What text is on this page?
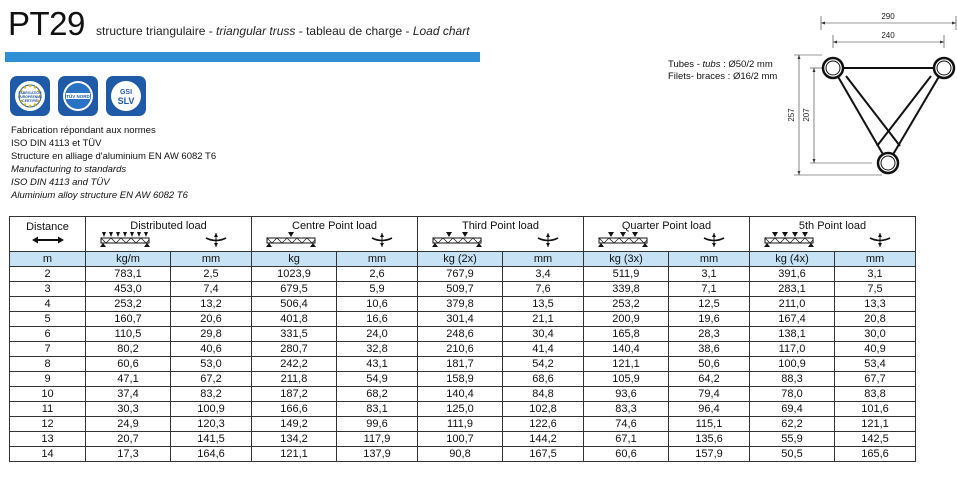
PT29 structure triangulaire - triangular truss - tableau de charge - Load chart
FABRICATION
EUROPÉENNE
CERTIFIÉ
TÜV NORD
GSI
SLV
Fabrication répondant aux normes
ISO DIN 4113 et TÜV
Structure en alliage d'aluminium EN AW 6082 T6
Manufacturing to standards
ISO DIN 4113 and TÜV
Aluminium alloy structure EN AW 6082 T6
Tubes - tubs : Ø50/2 mm
Filets- braces : Ø16/2 mm
290
240
257 207
Distance	Distributed load		Centre Point load		Third Point load		Quarter Point load		5th Point load	

m	kg/m	mm	kg	mm	kg (2x)	mm	kg (3x)	mm	kg (4x)	mm
2	783,1	2,5	1023,9	2,6	767,9	3,4	511,9	3,1	391,6	3,1
3	453,0	7,4	679,5	5,9	509,7	7,6	339,8	7,1	283,1	7,5
4	253,2	13,2	506,4	10,6	379,8	13,5	253,2	12,5	211,0	13,3
5	160,7	20,6	401,8	16,6	301,4	21,1	200,9	19,6	167,4	20,8
6	110,5	29,8	331,5	24,0	248,6	30,4	165,8	28,3	138,1	30,0
7	80,2	40,6	280,7	32,8	210,6	41,4	140,4	38,6	117,0	40,9
8	60,6	53,0	242,2	43,1	181,7	54,2	121,1	50,6	100,9	53,4
9	47,1	67,2	211,8	54,9	158,9	68,6	105,9	64,2	88,3	67,7
10	37,4	83,2	187,2	68,2	140,4	84,8	93,6	79,4	78,0	83,8
11	30,3	100,9	166,6	83,1	125,0	102,8	83,3	96,4	69,4	101,6
12	24,9	120,3	149,2	99,6	111,9	122,6	74,6	115,1	62,2	121,1
13	20,7	141,5	134,2	117,9	100,7	144,2	67,1	135,6	55,9	142,5
14	17,3	164,6	121,1	137,9	90,8	167,5	60,6	157,9	50,5	165,6
